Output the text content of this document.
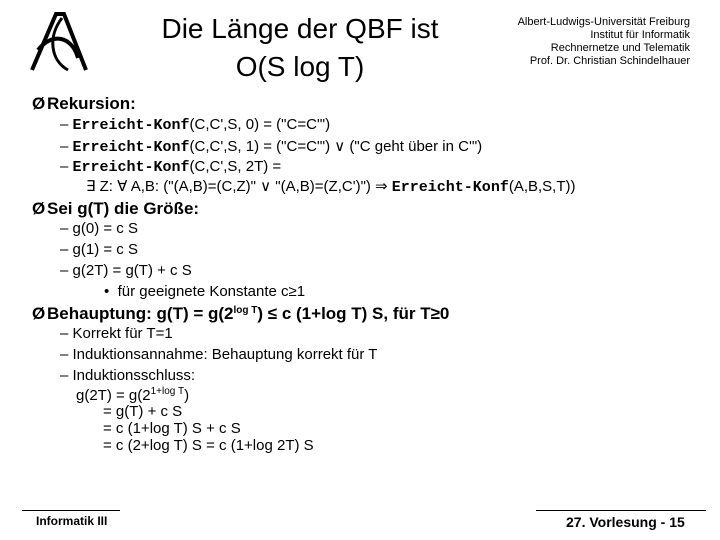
Die Länge der QBF ist
O(S log T)
Albert-Ludwigs-Universität Freiburg
Institut für Informatik
Rechnernetze und Telematik
Prof. Dr. Christian Schindelhauer
Ø Rekursion:
– Erreicht-Konf(C,C',S, 0) = ("C=C'")
– Erreicht-Konf(C,C',S, 1) = ("C=C'") ∨ ("C geht über in C'")
– Erreicht-Konf(C,C',S, 2T) =
∃ Z: ∀ A,B: ("(A,B)=(C,Z)" ∨ "(A,B)=(Z,C')") ⇒ Erreicht-Konf(A,B,S,T))
Ø Sei g(T) die Größe:
– g(0) = c S
– g(1) = c S
– g(2T) = g(T) + c S
•  für geeignete Konstante c≥1
Ø Behauptung: $g(T) = g(2^{log T}) \le c$ (1+log T) S, für T≥0
– Korrekt für T=1
– Induktionsannahme: Behauptung korrekt für T
– Induktionsschluss:
$g(2T) = g(2^{1+log T})$
= g(T) + c S
= c (1+log T) S + c S
= c (2+log T) S = c (1+log 2T) S
Informatik III	27. Vorlesung - 15
